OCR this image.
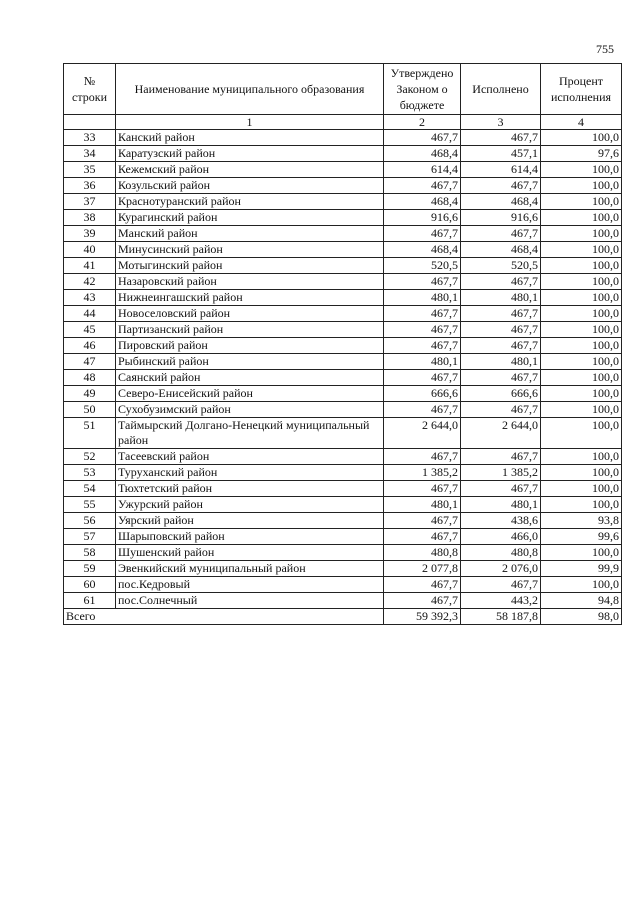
755
№ строки	Наименование муниципального образования	Утверждено Законом о бюджете	Исполнено	Процент исполнения
	1	2	3	4
33	Канский район	467,7	467,7	100,0
34	Каратузский район	468,4	457,1	97,6
35	Кежемский район	614,4	614,4	100,0
36	Козульский район	467,7	467,7	100,0
37	Краснотуранский район	468,4	468,4	100,0
38	Курагинский район	916,6	916,6	100,0
39	Манский район	467,7	467,7	100,0
40	Минусинский район	468,4	468,4	100,0
41	Мотыгинский район	520,5	520,5	100,0
42	Назаровский район	467,7	467,7	100,0
43	Нижнеингашский район	480,1	480,1	100,0
44	Новоселовский район	467,7	467,7	100,0
45	Партизанский район	467,7	467,7	100,0
46	Пировский район	467,7	467,7	100,0
47	Рыбинский район	480,1	480,1	100,0
48	Саянский район	467,7	467,7	100,0
49	Северо-Енисейский район	666,6	666,6	100,0
50	Сухобузимский район	467,7	467,7	100,0
51	Таймырский Долгано-Ненецкий муниципальный район	2 644,0	2 644,0	100,0
52	Тасеевский район	467,7	467,7	100,0
53	Туруханский район	1 385,2	1 385,2	100,0
54	Тюхтетский район	467,7	467,7	100,0
55	Ужурский район	480,1	480,1	100,0
56	Уярский район	467,7	438,6	93,8
57	Шарыповский район	467,7	466,0	99,6
58	Шушенский район	480,8	480,8	100,0
59	Эвенкийский муниципальный район	2 077,8	2 076,0	99,9
60	пос.Кедровый	467,7	467,7	100,0
61	пос.Солнечный	467,7	443,2	94,8
Всего		59 392,3	58 187,8	98,0
